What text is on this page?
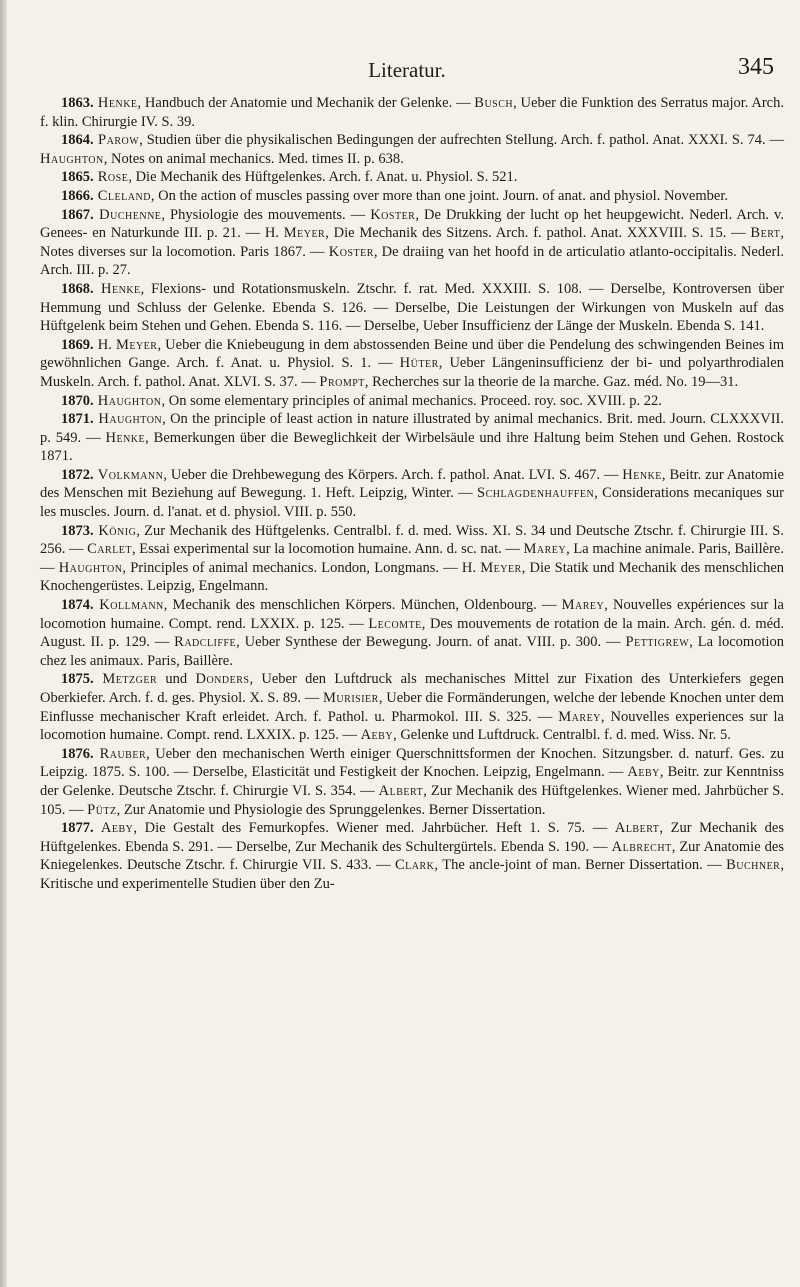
Literatur.	345

1863. Henke, Handbuch der Anatomie und Mechanik der Gelenke. — Busch, Ueber die Funktion des Serratus major. Arch. f. klin. Chirurgie IV. S. 39.

1864. Parow, Studien über die physikalischen Bedingungen der aufrechten Stellung. Arch. f. pathol. Anat. XXXI. S. 74. — Haughton, Notes on animal mechanics. Med. times II. p. 638.

1865. Rose, Die Mechanik des Hüftgelenkes. Arch. f. Anat. u. Physiol. S. 521.

1866. Cleland, On the action of muscles passing over more than one joint. Journ. of anat. and physiol. November.

1867. Duchenne, Physiologie des mouvements. — Koster, De Drukking der lucht op het heupgewicht. Nederl. Arch. v. Genees- en Naturkunde III. p. 21. — H. Meyer, Die Mechanik des Sitzens. Arch. f. pathol. Anat. XXXVIII. S. 15. — Bert, Notes diverses sur la locomotion. Paris 1867. — Koster, De draiing van het hoofd in de articulatio atlanto-occipitalis. Nederl. Arch. III. p. 27.

1868. Henke, Flexions- und Rotationsmuskeln. Ztschr. f. rat. Med. XXXIII. S. 108. — Derselbe, Kontroversen über Hemmung und Schluss der Gelenke. Ebenda S. 126. — Derselbe, Die Leistungen der Wirkungen von Muskeln auf das Hüftgelenk beim Stehen und Gehen. Ebenda S. 116. — Derselbe, Ueber Insufficienz der Länge der Muskeln. Ebenda S. 141.

1869. H. Meyer, Ueber die Kniebeugung in dem abstossenden Beine und über die Pendelung des schwingenden Beines im gewöhnlichen Gange. Arch. f. Anat. u. Physiol. S. 1. — Hüter, Ueber Längeninsufficienz der bi- und polyarthrodialen Muskeln. Arch. f. pathol. Anat. XLVI. S. 37. — Prompt, Recherches sur la theorie de la marche. Gaz. méd. No. 19—31.

1870. Haughton, On some elementary principles of animal mechanics. Proceed. roy. soc. XVIII. p. 22.

1871. Haughton, On the principle of least action in nature illustrated by animal mechanics. Brit. med. Journ. CLXXXVII. p. 549. — Henke, Bemerkungen über die Beweglichkeit der Wirbelsäule und ihre Haltung beim Stehen und Gehen. Rostock 1871.

1872. Volkmann, Ueber die Drehbewegung des Körpers. Arch. f. pathol. Anat. LVI. S. 467. — Henke, Beitr. zur Anatomie des Menschen mit Beziehung auf Bewegung. 1. Heft. Leipzig, Winter. — Schlagdenhauffen, Considerations mecaniques sur les muscles. Journ. d. l'anat. et d. physiol. VIII. p. 550.

1873. König, Zur Mechanik des Hüftgelenks. Centralbl. f. d. med. Wiss. XI. S. 34 und Deutsche Ztschr. f. Chirurgie III. S. 256. — Carlet, Essai experimental sur la locomotion humaine. Ann. d. sc. nat. — Marey, La machine animale. Paris, Baillère. — Haughton, Principles of animal mechanics. London, Longmans. — H. Meyer, Die Statik und Mechanik des menschlichen Knochengerüstes. Leipzig, Engelmann.

1874. Kollmann, Mechanik des menschlichen Körpers. München, Oldenbourg. — Marey, Nouvelles expériences sur la locomotion humaine. Compt. rend. LXXIX. p. 125. — Lecomte, Des mouvements de rotation de la main. Arch. gén. d. méd. August. II. p. 129. — Radcliffe, Ueber Synthese der Bewegung. Journ. of anat. VIII. p. 300. — Pettigrew, La locomotion chez les animaux. Paris, Baillère.

1875. Metzger und Donders, Ueber den Luftdruck als mechanisches Mittel zur Fixation des Unterkiefers gegen Oberkiefer. Arch. f. d. ges. Physiol. X. S. 89. — Murisier, Ueber die Formänderungen, welche der lebende Knochen unter dem Einflusse mechanischer Kraft erleidet. Arch. f. Pathol. u. Pharmokol. III. S. 325. — Marey, Nouvelles experiences sur la locomotion humaine. Compt. rend. LXXIX. p. 125. — Aeby, Gelenke und Luftdruck. Centralbl. f. d. med. Wiss. Nr. 5.

1876. Rauber, Ueber den mechanischen Werth einiger Querschnittsformen der Knochen. Sitzungsber. d. naturf. Ges. zu Leipzig. 1875. S. 100. — Derselbe, Elasticität und Festigkeit der Knochen. Leipzig, Engelmann. — Aeby, Beitr. zur Kenntniss der Gelenke. Deutsche Ztschr. f. Chirurgie VI. S. 354. — Albert, Zur Mechanik des Hüftgelenkes. Wiener med. Jahrbücher S. 105. — Pütz, Zur Anatomie und Physiologie des Sprunggelenkes. Berner Dissertation.

1877. Aeby, Die Gestalt des Femurkopfes. Wiener med. Jahrbücher. Heft 1. S. 75. — Albert, Zur Mechanik des Hüftgelenkes. Ebenda S. 291. — Derselbe, Zur Mechanik des Schultergürtels. Ebenda S. 190. — Albrecht, Zur Anatomie des Kniegelenkes. Deutsche Ztschr. f. Chirurgie VII. S. 433. — Clark, The ancle-joint of man. Berner Dissertation. — Buchner, Kritische und experimentelle Studien über den Zu-
